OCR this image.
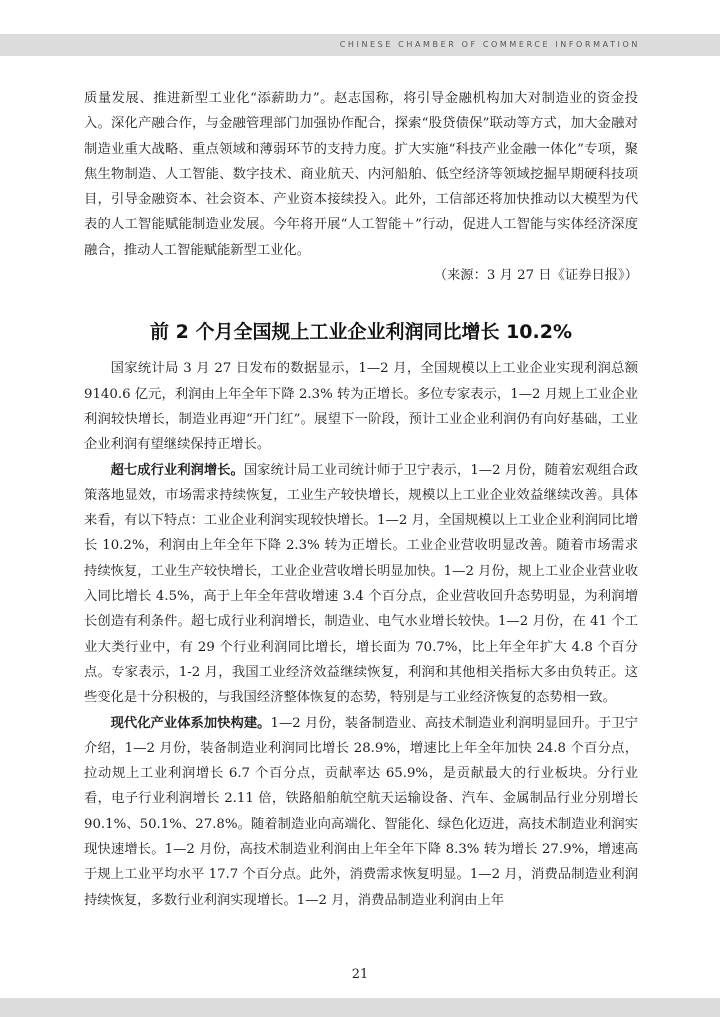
CHINESE CHAMBER OF COMMERCE INFORMATION

质量发展、推进新型工业化“添薪助力”。赵志国称，将引导金融机构加大对制造业的资金投入。深化产融合作，与金融管理部门加强协作配合，探索“股贷债保”联动等方式，加大金融对制造业重大战略、重点领域和薄弱环节的支持力度。扩大实施“科技产业金融一体化”专项，聚焦生物制造、人工智能、数字技术、商业航天、内河船舶、低空经济等领域挖掘早期硬科技项目，引导金融资本、社会资本、产业资本接续投入。此外，工信部还将加快推动以大模型为代表的人工智能赋能制造业发展。今年将开展“人工智能＋”行动，促进人工智能与实体经济深度融合，推动人工智能赋能新型工业化。
（来源：3 月 27 日《证券日报》）

前 2 个月全国规上工业企业利润同比增长 10.2%

国家统计局 3 月 27 日发布的数据显示，1—2 月，全国规模以上工业企业实现利润总额 9140.6 亿元，利润由上年全年下降 2.3% 转为正增长。多位专家表示，1—2 月规上工业企业利润较快增长，制造业再迎“开门红”。展望下一阶段，预计工业企业利润仍有向好基础，工业企业利润有望继续保持正增长。

超七成行业利润增长。国家统计局工业司统计师于卫宁表示，1—2 月份，随着宏观组合政策落地显效，市场需求持续恢复，工业生产较快增长，规模以上工业企业效益继续改善。具体来看，有以下特点：工业企业利润实现较快增长。1—2 月，全国规模以上工业企业利润同比增长 10.2%，利润由上年全年下降 2.3% 转为正增长。工业企业营收明显改善。随着市场需求持续恢复，工业生产较快增长，工业企业营收增长明显加快。1—2 月份，规上工业企业营业收入同比增长 4.5%，高于上年全年营收增速 3.4 个百分点，企业营收回升态势明显，为利润增长创造有利条件。超七成行业利润增长，制造业、电气水业增长较快。1—2 月份，在 41 个工业大类行业中，有 29 个行业利润同比增长，增长面为 70.7%，比上年全年扩大 4.8 个百分点。专家表示，1-2 月，我国工业经济效益继续恢复，利润和其他相关指标大多由负转正。这些变化是十分积极的，与我国经济整体恢复的态势，特别是与工业经济恢复的态势相一致。

现代化产业体系加快构建。1—2 月份，装备制造业、高技术制造业利润明显回升。于卫宁介绍，1—2 月份，装备制造业利润同比增长 28.9%，增速比上年全年加快 24.8 个百分点，拉动规上工业利润增长 6.7 个百分点，贡献率达 65.9%，是贡献最大的行业板块。分行业看，电子行业利润增长 2.11 倍，铁路船舶航空航天运输设备、汽车、金属制品行业分别增长 90.1%、50.1%、27.8%。随着制造业向高端化、智能化、绿色化迈进，高技术制造业利润实现快速增长。1—2 月份，高技术制造业利润由上年全年下降 8.3% 转为增长 27.9%，增速高于规上工业平均水平 17.7 个百分点。此外，消费需求恢复明显。1—2 月，消费品制造业利润持续恢复，多数行业利润实现增长。1—2 月，消费品制造业利润由上年

21
